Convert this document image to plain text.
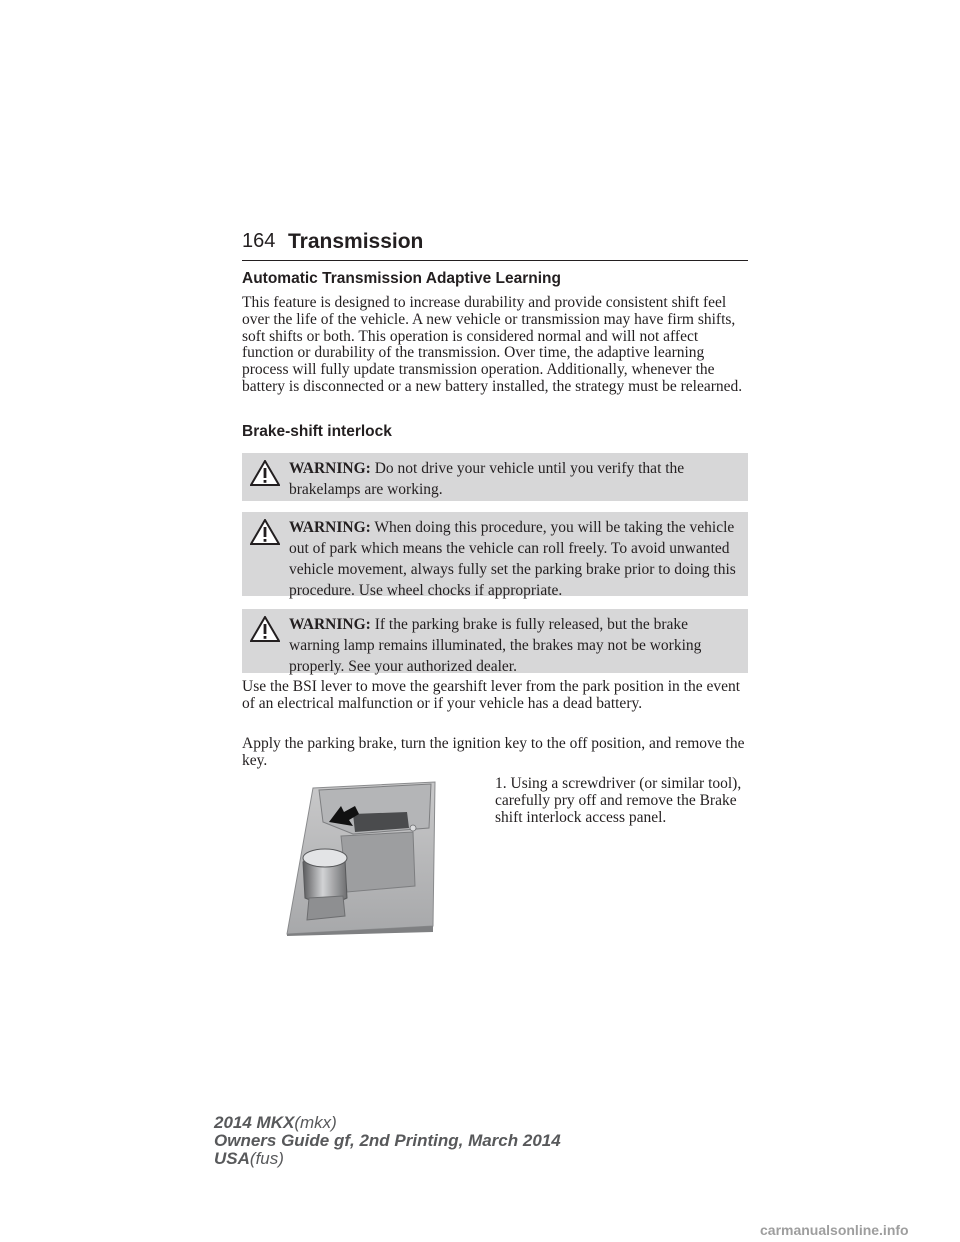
164 Transmission
Automatic Transmission Adaptive Learning
This feature is designed to increase durability and provide consistent shift feel over the life of the vehicle. A new vehicle or transmission may have firm shifts, soft shifts or both. This operation is considered normal and will not affect function or durability of the transmission. Over time, the adaptive learning process will fully update transmission operation. Additionally, whenever the battery is disconnected or a new battery installed, the strategy must be relearned.
Brake-shift interlock
WARNING: Do not drive your vehicle until you verify that the brakelamps are working.
WARNING: When doing this procedure, you will be taking the vehicle out of park which means the vehicle can roll freely. To avoid unwanted vehicle movement, always fully set the parking brake prior to doing this procedure. Use wheel chocks if appropriate.
WARNING: If the parking brake is fully released, but the brake warning lamp remains illuminated, the brakes may not be working properly. See your authorized dealer.
Use the BSI lever to move the gearshift lever from the park position in the event of an electrical malfunction or if your vehicle has a dead battery.
Apply the parking brake, turn the ignition key to the off position, and remove the key.
1. Using a screwdriver (or similar tool), carefully pry off and remove the Brake shift interlock access panel.
2014 MKX(mkx)
Owners Guide gf, 2nd Printing, March 2014
USA(fus)
carmanualsonline.info
